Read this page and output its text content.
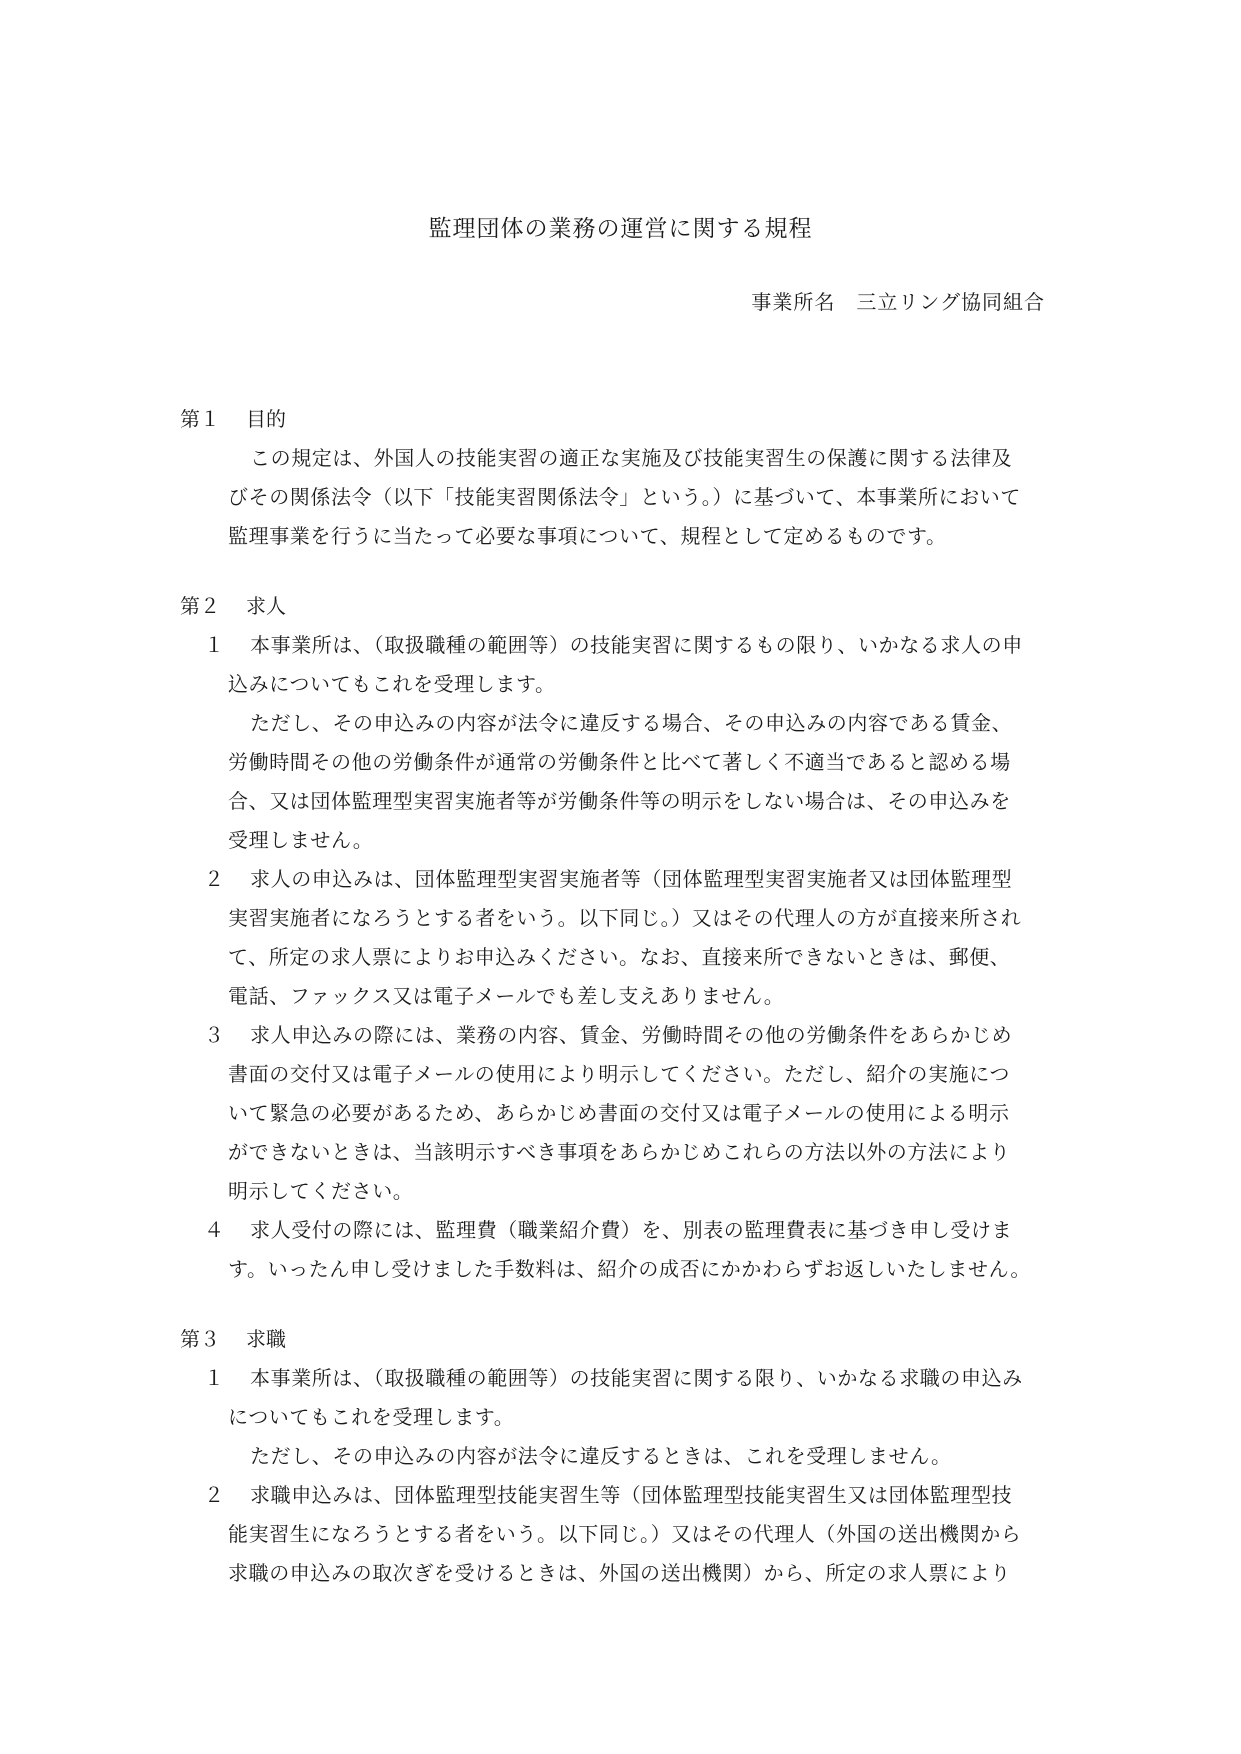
監理団体の業務の運営に関する規程
事業所名　三立リング協同組合
第１ 目的
この規定は、外国人の技能実習の適正な実施及び技能実習生の保護に関する法律及
びその関係法令（以下「技能実習関係法令」という。）に基づいて、本事業所において
監理事業を行うに当たって必要な事項について、規程として定めるものです。
第２ 求人
１ 本事業所は、（取扱職種の範囲等）の技能実習に関するもの限り、いかなる求人の申
込みについてもこれを受理します。
ただし、その申込みの内容が法令に違反する場合、その申込みの内容である賃金、
労働時間その他の労働条件が通常の労働条件と比べて著しく不適当であると認める場
合、又は団体監理型実習実施者等が労働条件等の明示をしない場合は、その申込みを
受理しません。
２ 求人の申込みは、団体監理型実習実施者等（団体監理型実習実施者又は団体監理型
実習実施者になろうとする者をいう。以下同じ。）又はその代理人の方が直接来所され
て、所定の求人票によりお申込みください。なお、直接来所できないときは、郵便、
電話、ファックス又は電子メールでも差し支えありません。
３ 求人申込みの際には、業務の内容、賃金、労働時間その他の労働条件をあらかじめ
書面の交付又は電子メールの使用により明示してください。ただし、紹介の実施につ
いて緊急の必要があるため、あらかじめ書面の交付又は電子メールの使用による明示
ができないときは、当該明示すべき事項をあらかじめこれらの方法以外の方法により
明示してください。
４ 求人受付の際には、監理費（職業紹介費）を、別表の監理費表に基づき申し受けま
す。いったん申し受けました手数料は、紹介の成否にかかわらずお返しいたしません。
第３ 求職
１ 本事業所は、（取扱職種の範囲等）の技能実習に関する限り、いかなる求職の申込み
についてもこれを受理します。
ただし、その申込みの内容が法令に違反するときは、これを受理しません。
２ 求職申込みは、団体監理型技能実習生等（団体監理型技能実習生又は団体監理型技
能実習生になろうとする者をいう。以下同じ。）又はその代理人（外国の送出機関から
求職の申込みの取次ぎを受けるときは、外国の送出機関）から、所定の求人票により
